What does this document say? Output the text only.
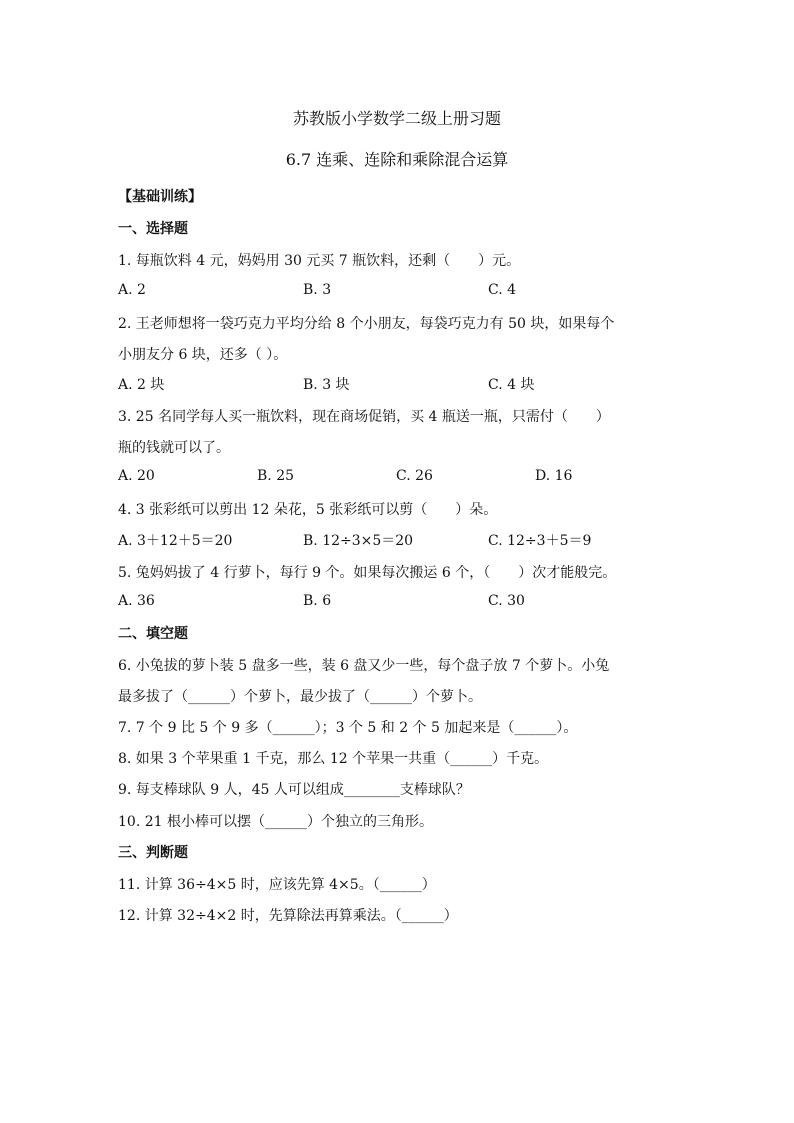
苏教版小学数学二级上册习题
6.7 连乘、连除和乘除混合运算
【基础训练】
一、选择题
1. 每瓶饮料 4 元，妈妈用 30 元买 7 瓶饮料，还剩（　　）元。
A. 2	B. 3	C. 4
2. 王老师想将一袋巧克力平均分给 8 个小朋友，每袋巧克力有 50 块，如果每个
小朋友分 6 块，还多（ ）。
A. 2 块	B. 3 块	C. 4 块
3. 25 名同学每人买一瓶饮料，现在商场促销，买 4 瓶送一瓶，只需付（　　）
瓶的钱就可以了。
A. 20	B. 25	C. 26	D. 16
4. 3 张彩纸可以剪出 12 朵花，5 张彩纸可以剪（　　）朵。
A. 3＋12＋5＝20	B. 12÷3×5＝20	C. 12÷3＋5＝9
5. 兔妈妈拔了 4 行萝卜，每行 9 个。如果每次搬运 6 个，（　　）次才能般完。
A. 36	B. 6	C. 30
二、填空题
6. 小兔拔的萝卜装 5 盘多一些，装 6 盘又少一些，每个盘子放 7 个萝卜。小兔
最多拔了（______）个萝卜，最少拔了（______）个萝卜。
7. 7 个 9 比 5 个 9 多（______）；3 个 5 和 2 个 5 加起来是（______）。
8. 如果 3 个苹果重 1 千克，那么 12 个苹果一共重（______）千克。
9. 每支棒球队 9 人，45 人可以组成________支棒球队？
10. 21 根小棒可以摆（______）个独立的三角形。
三、判断题
11. 计算 36÷4×5 时，应该先算 4×5。（______）
12. 计算 32÷4×2 时，先算除法再算乘法。（______）
